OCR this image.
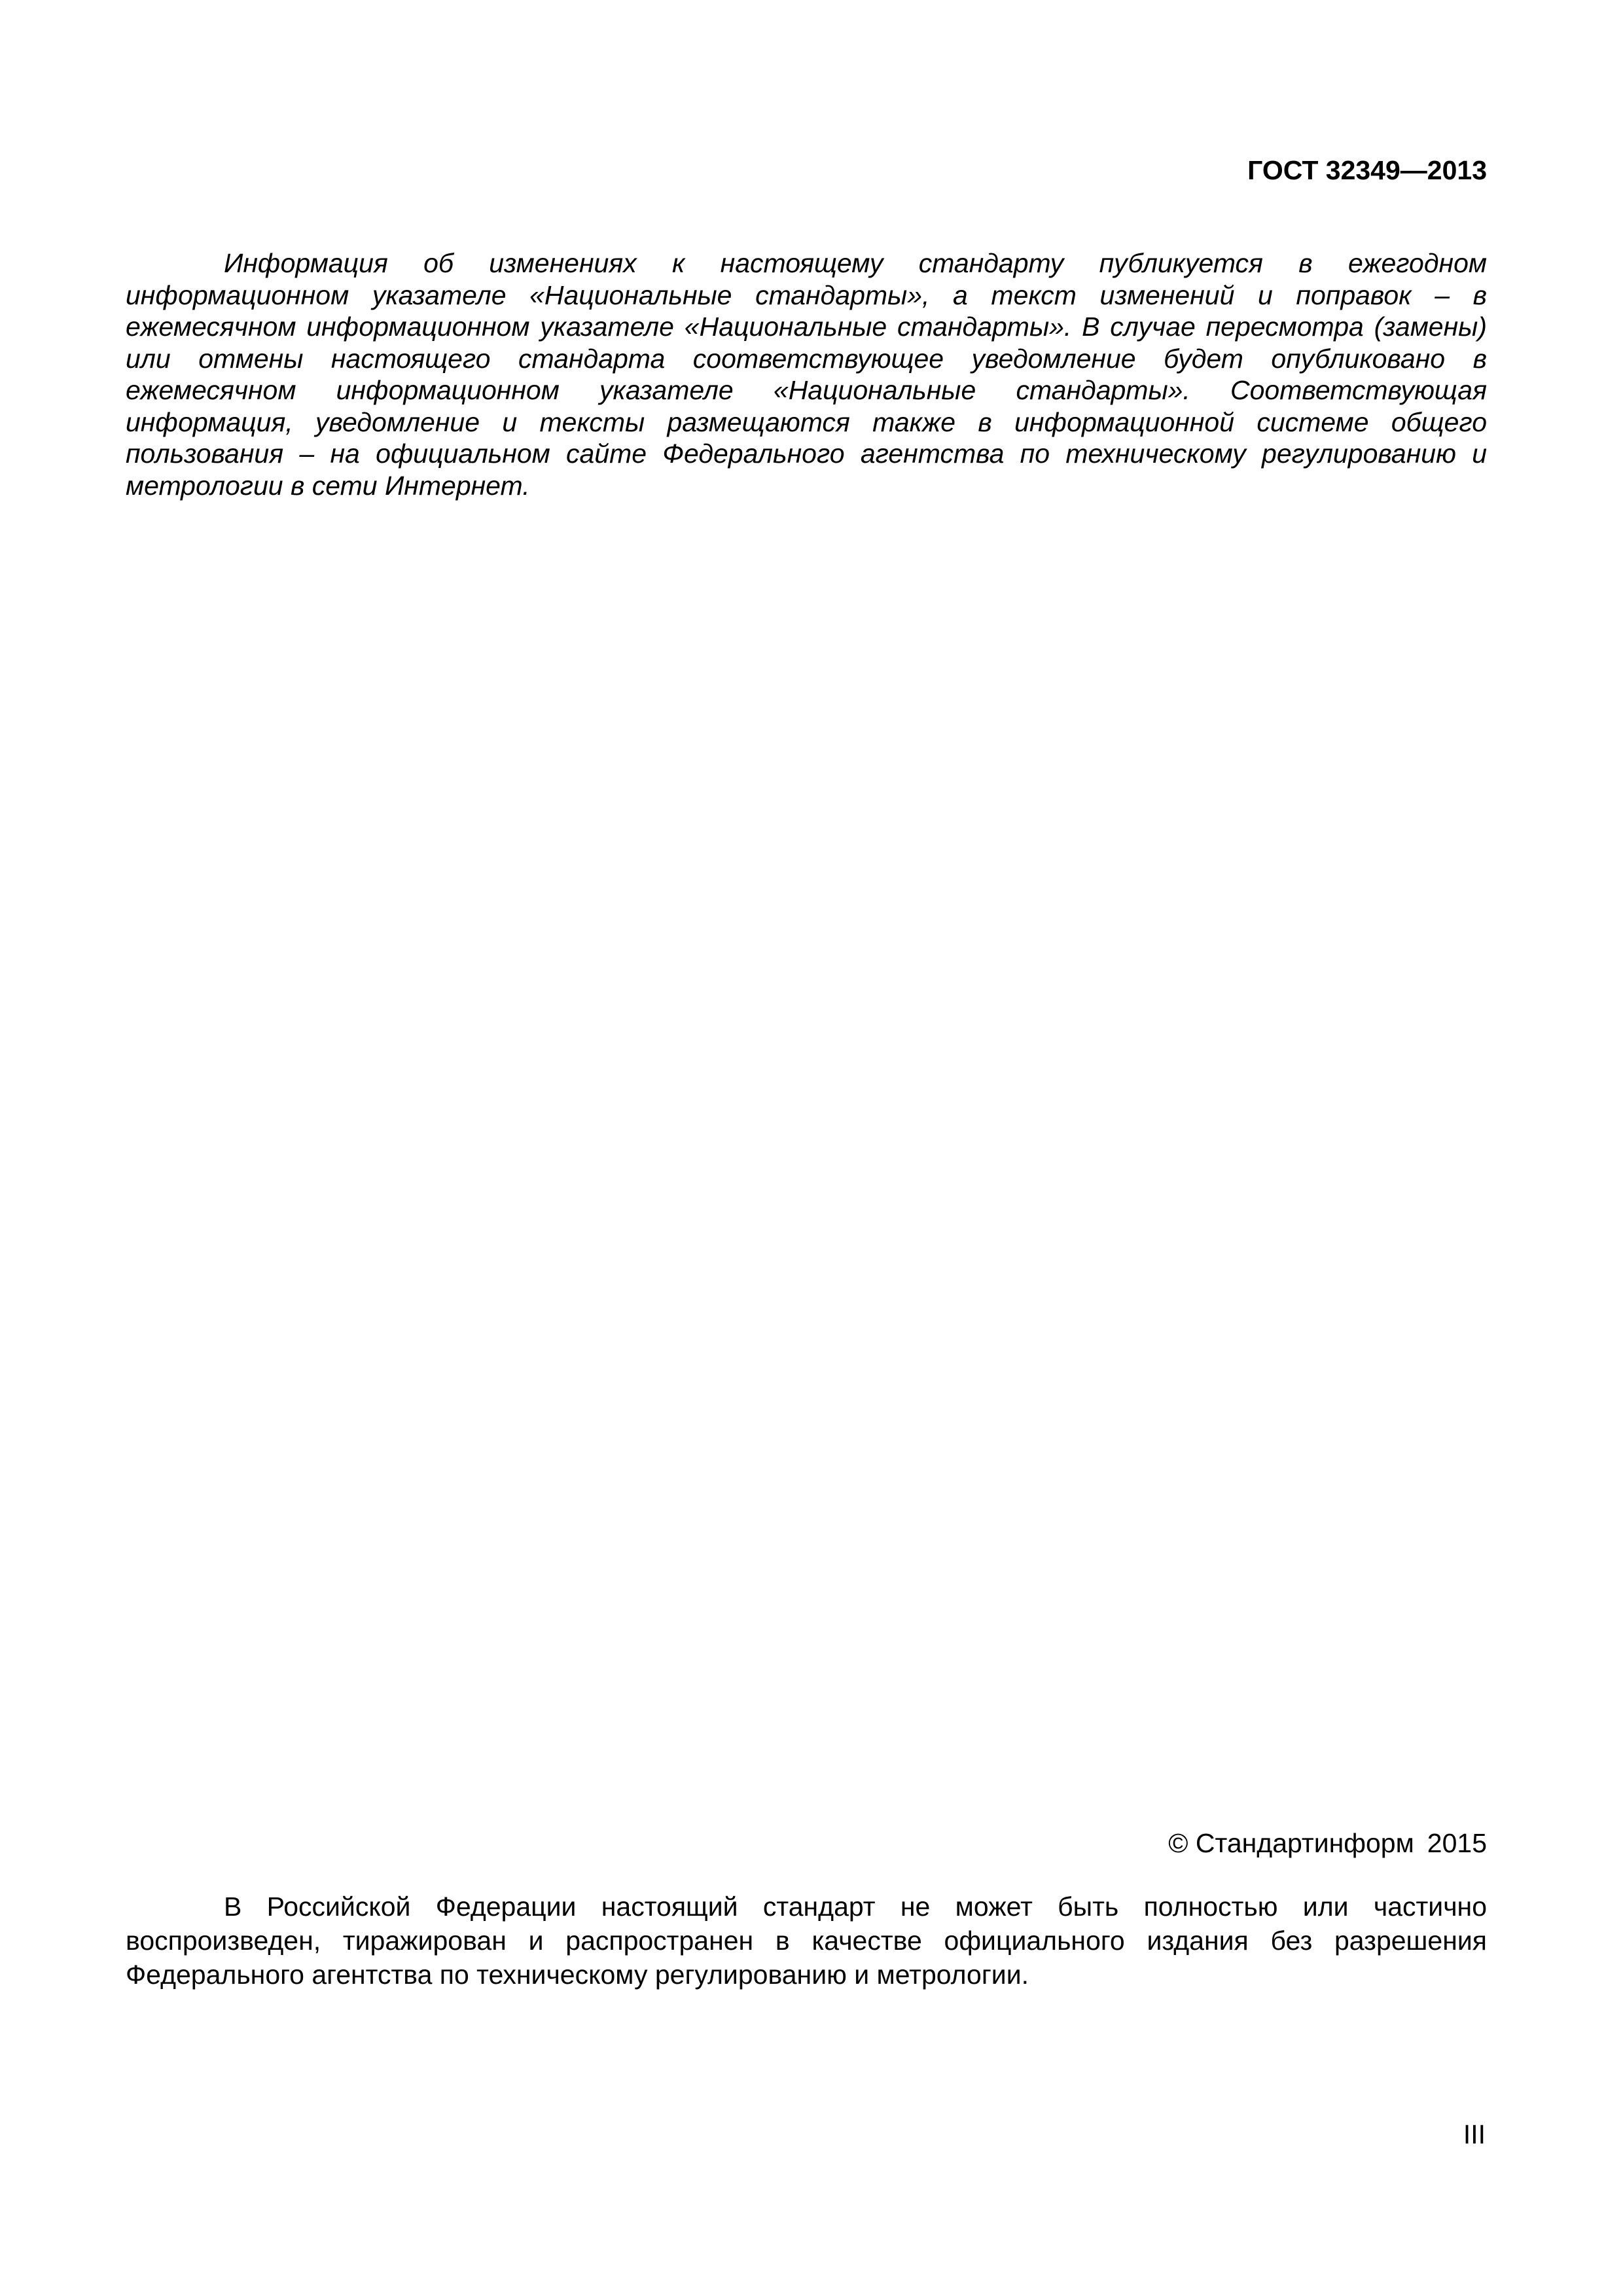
ГОСТ 32349—2013

Информация об изменениях к настоящему стандарту публикуется в ежегодном информационном указателе «Национальные стандарты», а текст изменений и поправок – в ежемесячном информационном указателе «Национальные стандарты». В случае пересмотра (замены) или отмены настоящего стандарта соответствующее уведомление будет опубликовано в ежемесячном информационном указателе «Национальные стандарты». Соответствующая информация, уведомление и тексты размещаются также в информационной системе общего пользования – на официальном сайте Федерального агентства по техническому регулированию и метрологии в сети Интернет.

© Стандартинформ 2015

В Российской Федерации настоящий стандарт не может быть полностью или частично воспроизведен, тиражирован и распространен в качестве официального издания без разрешения Федерального агентства по техническому регулированию и метрологии.

III
